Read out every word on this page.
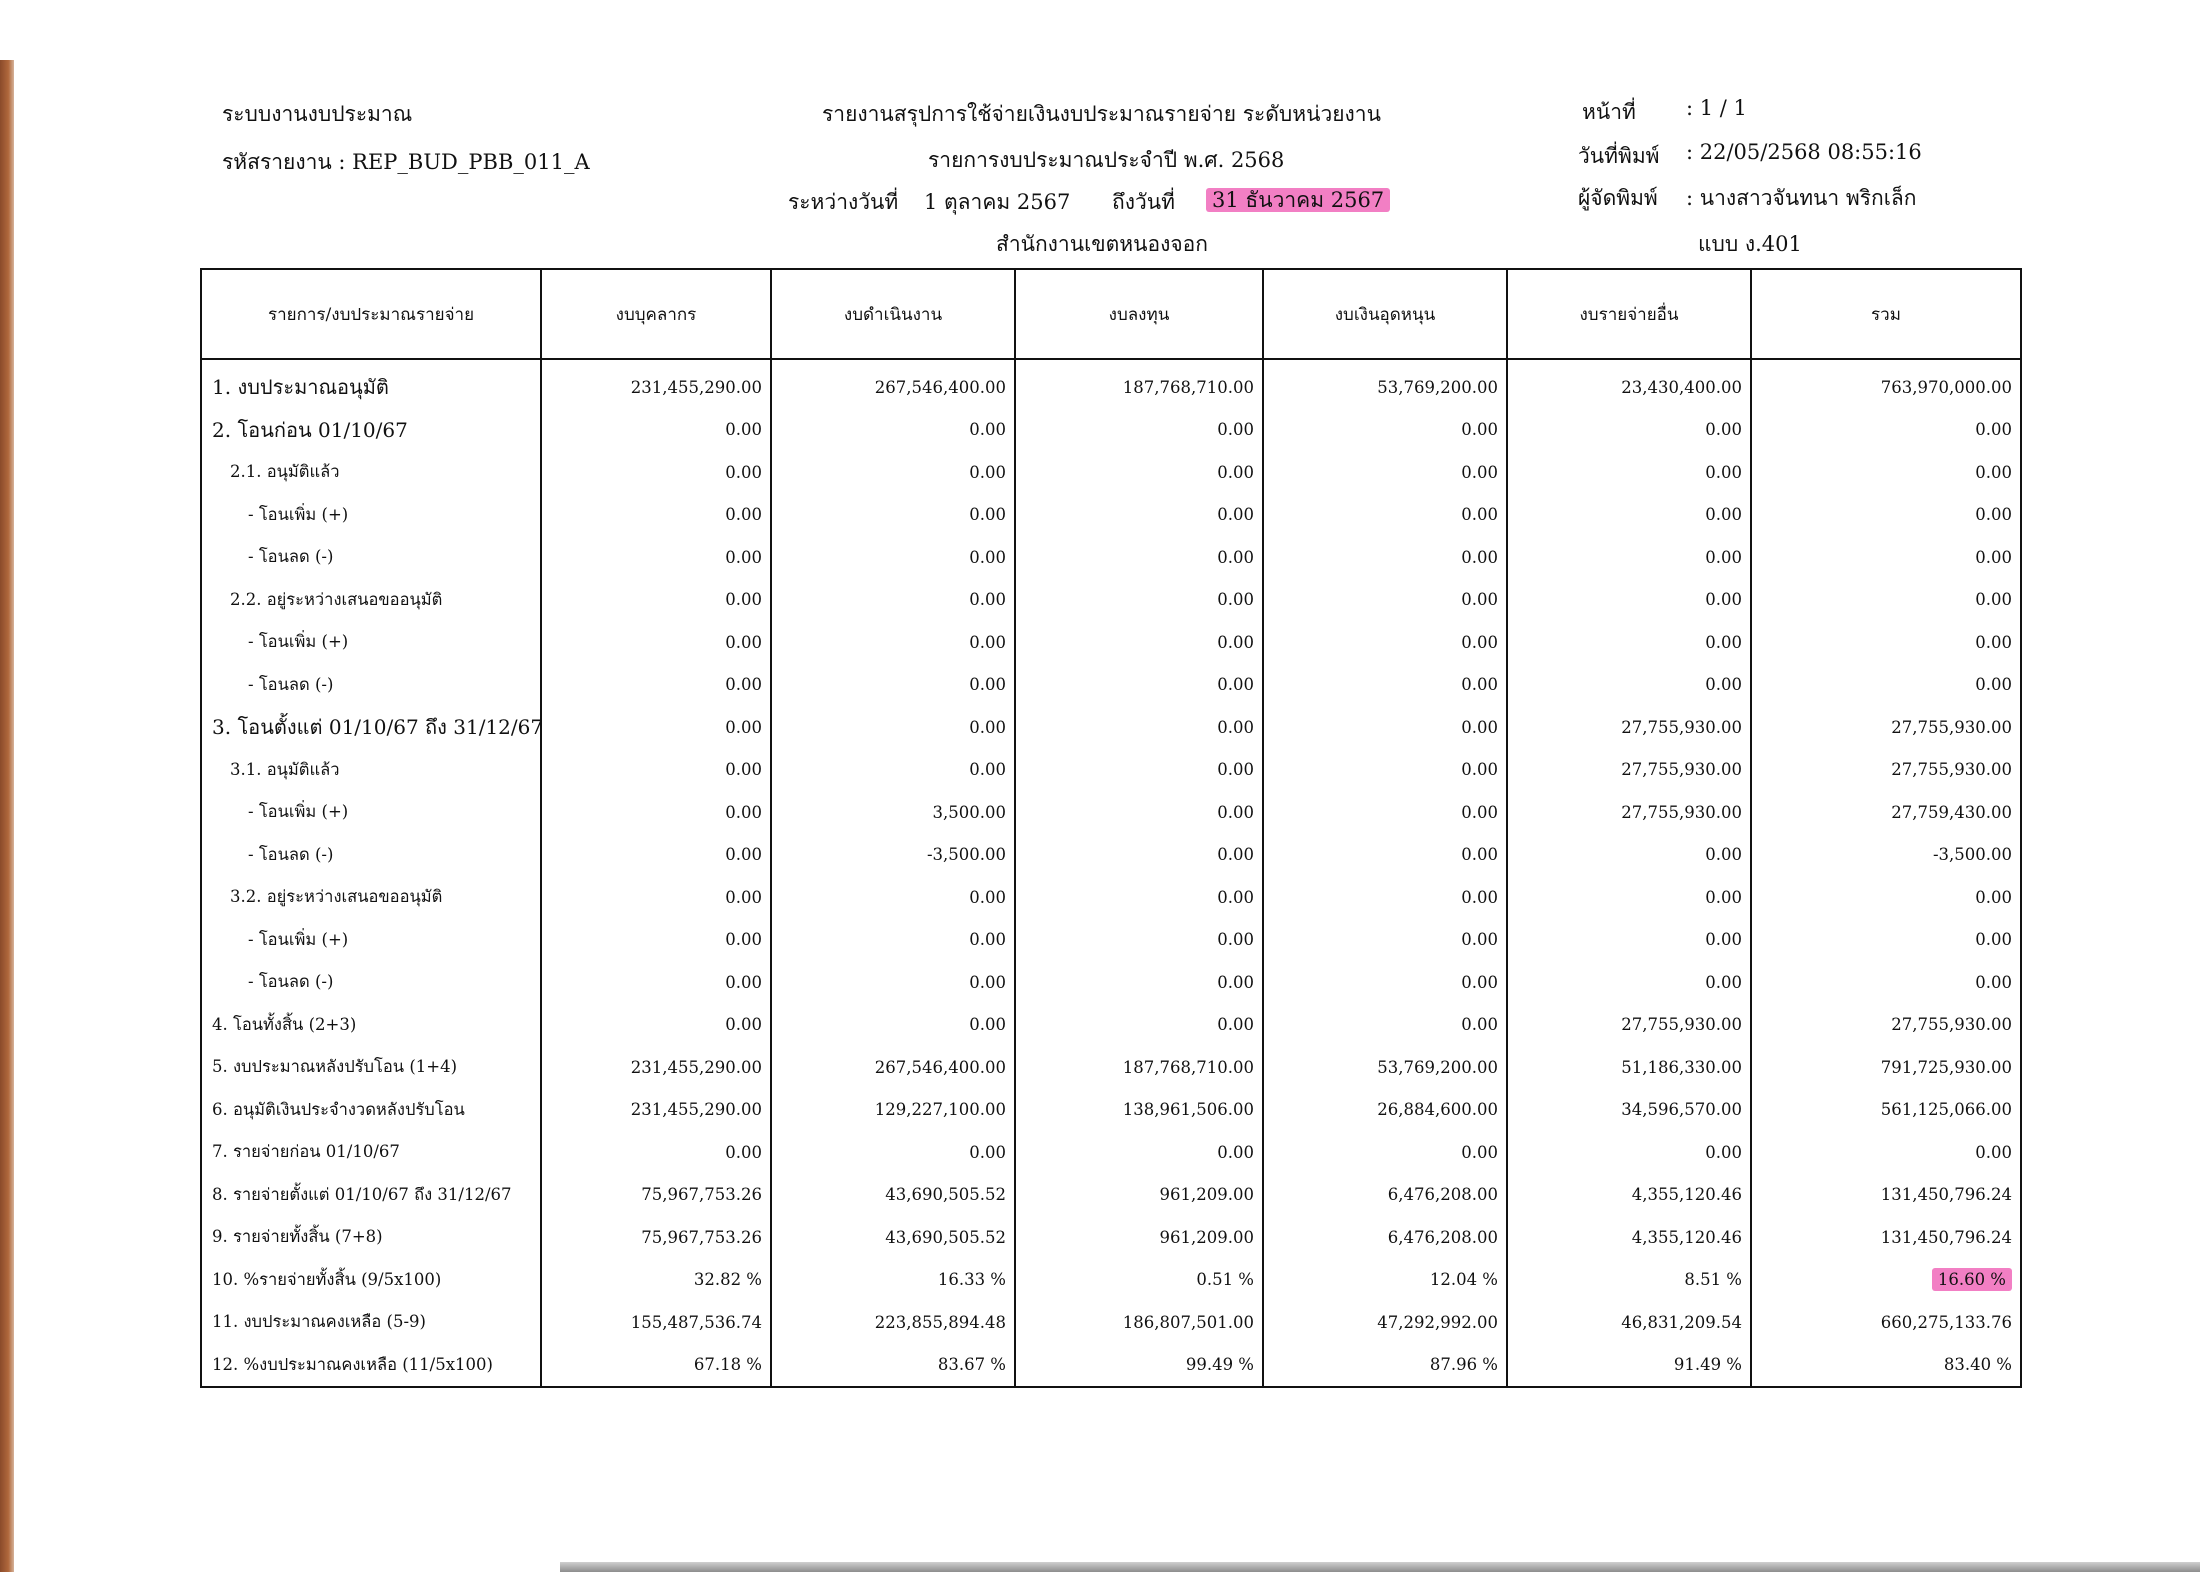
ระบบงานงบประมาณ
รหัสรายงาน : REP_BUD_PBB_011_A
รายงานสรุปการใช้จ่ายเงินงบประมาณรายจ่าย ระดับหน่วยงาน
รายการงบประมาณประจำปี พ.ศ. 2568
ระหว่างวันที่ 1 ตุลาคม 2567 ถึงวันที่ 31 ธันวาคม 2567
สำนักงานเขตหนองจอก
หน้าที่ : 1 / 1
วันที่พิมพ์ : 22/05/2568 08:55:16
ผู้จัดพิมพ์ : นางสาวจันทนา พริกเล็ก
แบบ ง.401
รายการ/งบประมาณรายจ่าย	งบบุคลากร	งบดำเนินงาน	งบลงทุน	งบเงินอุดหนุน	งบรายจ่ายอื่น	รวม
1. งบประมาณอนุมัติ	231,455,290.00	267,546,400.00	187,768,710.00	53,769,200.00	23,430,400.00	763,970,000.00
2. โอนก่อน 01/10/67	0.00	0.00	0.00	0.00	0.00	0.00
2.1. อนุมัติแล้ว	0.00	0.00	0.00	0.00	0.00	0.00
- โอนเพิ่ม (+)	0.00	0.00	0.00	0.00	0.00	0.00
- โอนลด (-)	0.00	0.00	0.00	0.00	0.00	0.00
2.2. อยู่ระหว่างเสนอขออนุมัติ	0.00	0.00	0.00	0.00	0.00	0.00
- โอนเพิ่ม (+)	0.00	0.00	0.00	0.00	0.00	0.00
- โอนลด (-)	0.00	0.00	0.00	0.00	0.00	0.00
3. โอนตั้งแต่ 01/10/67 ถึง 31/12/67	0.00	0.00	0.00	0.00	27,755,930.00	27,755,930.00
3.1. อนุมัติแล้ว	0.00	0.00	0.00	0.00	27,755,930.00	27,755,930.00
- โอนเพิ่ม (+)	0.00	3,500.00	0.00	0.00	27,755,930.00	27,759,430.00
- โอนลด (-)	0.00	-3,500.00	0.00	0.00	0.00	-3,500.00
3.2. อยู่ระหว่างเสนอขออนุมัติ	0.00	0.00	0.00	0.00	0.00	0.00
- โอนเพิ่ม (+)	0.00	0.00	0.00	0.00	0.00	0.00
- โอนลด (-)	0.00	0.00	0.00	0.00	0.00	0.00
4. โอนทั้งสิ้น (2+3)	0.00	0.00	0.00	0.00	27,755,930.00	27,755,930.00
5. งบประมาณหลังปรับโอน (1+4)	231,455,290.00	267,546,400.00	187,768,710.00	53,769,200.00	51,186,330.00	791,725,930.00
6. อนุมัติเงินประจำงวดหลังปรับโอน	231,455,290.00	129,227,100.00	138,961,506.00	26,884,600.00	34,596,570.00	561,125,066.00
7. รายจ่ายก่อน 01/10/67	0.00	0.00	0.00	0.00	0.00	0.00
8. รายจ่ายตั้งแต่ 01/10/67 ถึง 31/12/67	75,967,753.26	43,690,505.52	961,209.00	6,476,208.00	4,355,120.46	131,450,796.24
9. รายจ่ายทั้งสิ้น (7+8)	75,967,753.26	43,690,505.52	961,209.00	6,476,208.00	4,355,120.46	131,450,796.24
10. %รายจ่ายทั้งสิ้น (9/5x100)	32.82 %	16.33 %	0.51 %	12.04 %	8.51 %	16.60 %
11. งบประมาณคงเหลือ (5-9)	155,487,536.74	223,855,894.48	186,807,501.00	47,292,992.00	46,831,209.54	660,275,133.76
12. %งบประมาณคงเหลือ (11/5x100)	67.18 %	83.67 %	99.49 %	87.96 %	91.49 %	83.40 %
